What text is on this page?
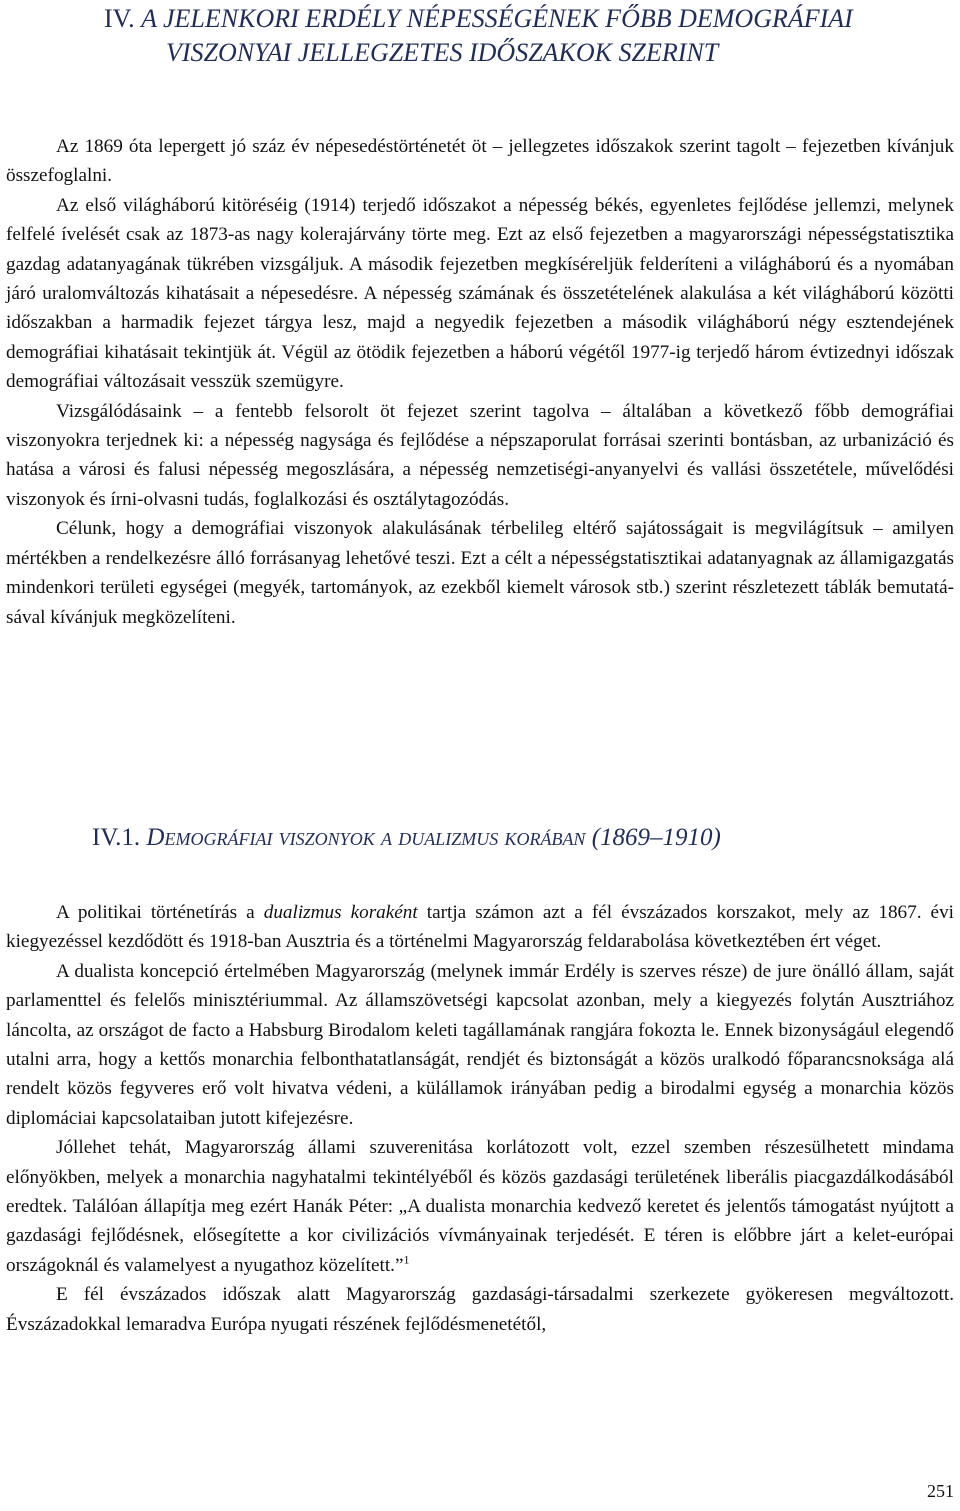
IV. A JELENKORI ERDÉLY NÉPESSÉGÉNEK FŐBB DEMOGRÁFIAI
VISZONYAI JELLEGZETES IDŐSZAKOK SZERINT

Az 1869 óta lepergett jó száz év népesedéstörténetét öt – jellegzetes időszakok szerint tagolt – fejezetben kívánjuk összefoglalni.

Az első világháború kitöréséig (1914) terjedő időszakot a népesség békés, egyenletes fejlődése jellemzi, melynek felfelé ívelését csak az 1873-as nagy kolerajárvány törte meg. Ezt az első fejezetben a magyarországi népességstatisztika gazdag adatanyagának tükrében vizsgáljuk. A második fejezetben megkíséreljük felderíteni a világháború és a nyomában járó uralomváltozás kihatásait a népesedésre. A népesség számának és összetételének alakulása a két világháború közötti időszakban a harmadik fejezet tárgya lesz, majd a negyedik fejezetben a második világháború négy esztendejének demográfiai kihatásait tekintjük át. Végül az ötödik fejezetben a háború végétől 1977-ig terjedő három évtizednyi időszak demográfiai változásait vesszük szemügyre.

Vizsgálódásaink – a fentebb felsorolt öt fejezet szerint tagolva – általában a következő főbb demográfiai viszonyokra terjednek ki: a népesség nagysága és fejlődése a népszaporulat forrásai szerinti bontásban, az urbanizáció és hatása a városi és falusi népesség megoszlására, a népesség nemzetiségi-anyanyelvi és vallási összetétele, művelődési viszonyok és írni-olvasni tudás, foglalkozási és osztálytagozódás.

Célunk, hogy a demográfiai viszonyok alakulásának térbelileg eltérő sajátosságait is megvilágítsuk – amilyen mértékben a rendelkezésre álló forrásanyag lehetővé teszi. Ezt a célt a népességstatisztikai adatanyagnak az államigazgatás mindenkori területi egységei (megyék, tartományok, az ezekből kiemelt városok stb.) szerint részletezett táblák bemutatásával kívánjuk megközelíteni.

IV.1. Demográfiai viszonyok a dualizmus korában (1869–1910)

A politikai történetírás a dualizmus koraként tartja számon azt a fél évszázados korszakot, mely az 1867. évi kiegyezéssel kezdődött és 1918-ban Ausztria és a történelmi Magyarország feldarabolása következtében ért véget.

A dualista koncepció értelmében Magyarország (melynek immár Erdély is szerves része) de jure önálló állam, saját parlamenttel és felelős minisztériummal. Az államszövetségi kapcsolat azonban, mely a kiegyezés folytán Ausztriához láncolta, az országot de facto a Habsburg Birodalom keleti tagállamának rangjára fokozta le. Ennek bizonyságául elegendő utalni arra, hogy a kettős monarchia felbonthatatlanságát, rendjét és biztonságát a közös uralkodó főparancsnoksága alá rendelt közös fegyveres erő volt hivatva védeni, a külállamok irányában pedig a birodalmi egység a monarchia közös diplomáciai kapcsolataiban jutott kifejezésre.

Jóllehet tehát, Magyarország állami szuverenitása korlátozott volt, ezzel szemben részesülhetett mindama előnyökben, melyek a monarchia nagyhatalmi tekintélyéből és közös gazdasági területének liberális piacgazdálkodásából eredtek. Találóan állapítja meg ezért Hanák Péter: „A dualista monarchia kedvező keretet és jelentős támogatást nyújtott a gazdasági fejlődésnek, elősegítette a kor civilizációs vívmányainak terjedését. E téren is előbbre járt a kelet-európai országoknál és valamelyest a nyugathoz közelített.”$^1$

E fél évszázados időszak alatt Magyarország gazdasági-társadalmi szerkezete gyökeresen megváltozott. Évszázadokkal lemaradva Európa nyugati részének fejlődésmenetétől,

251
